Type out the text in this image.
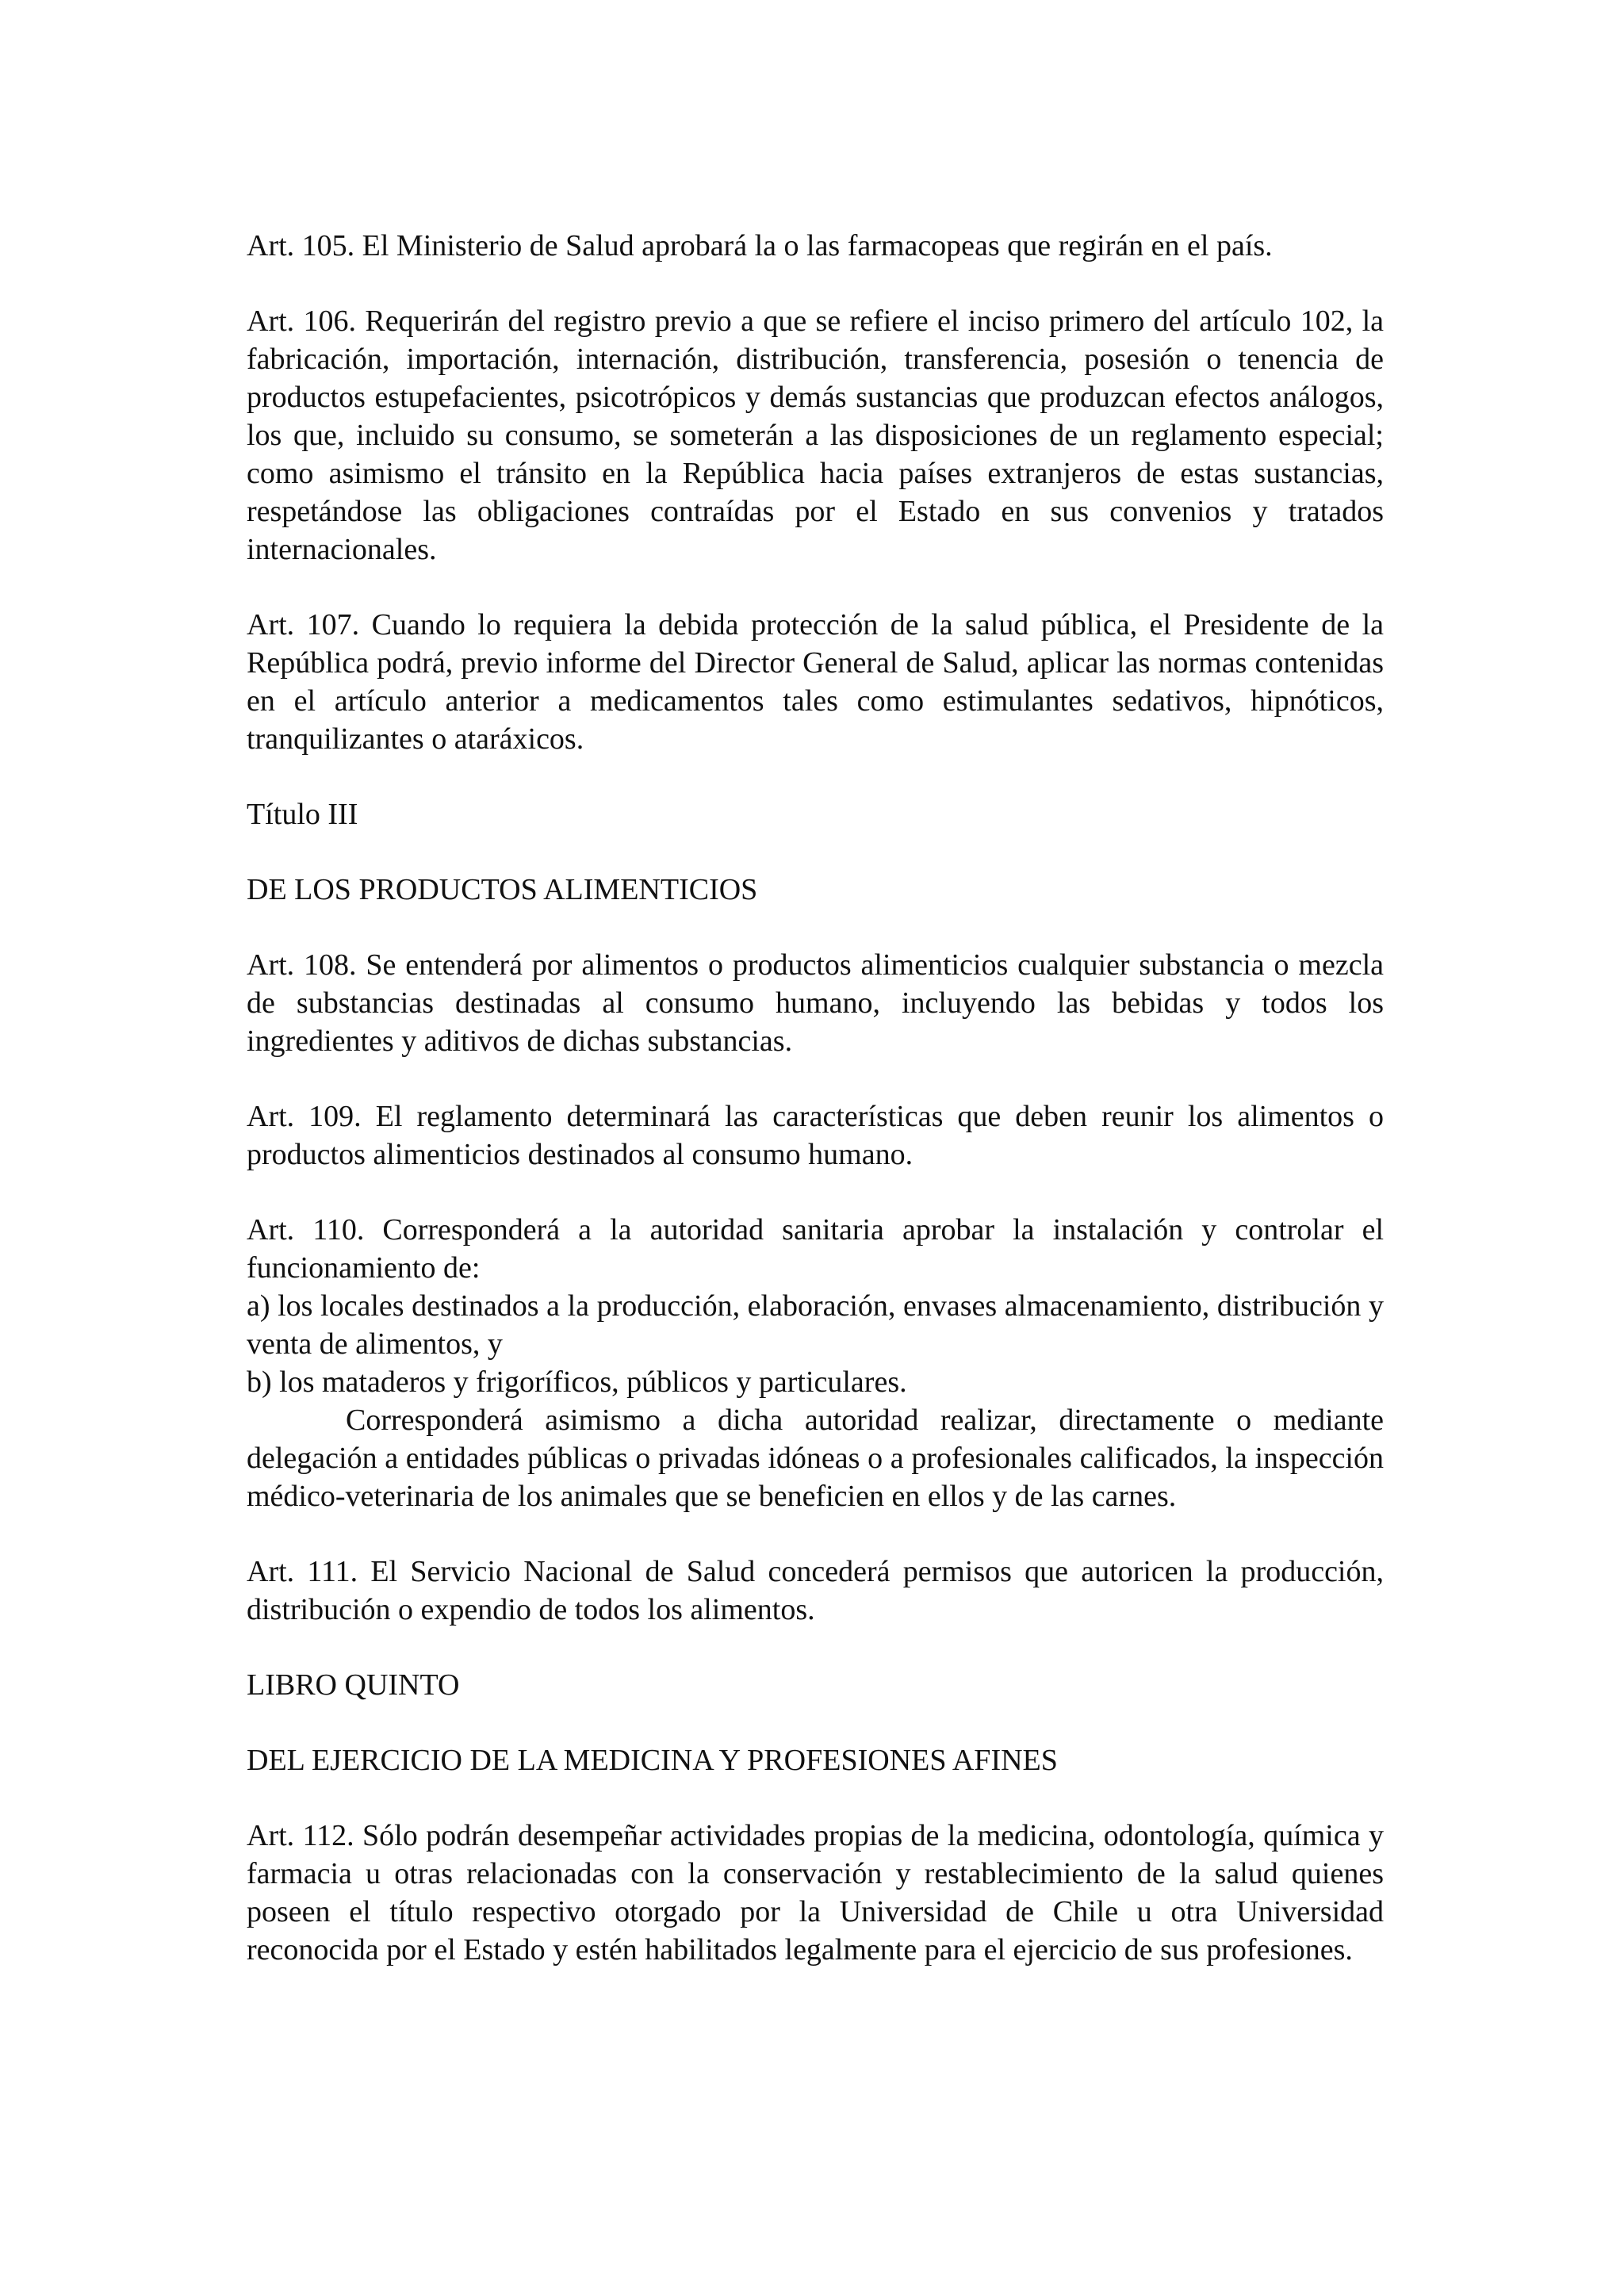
Art. 105. El Ministerio de Salud aprobará la o las farmacopeas que regirán en el país.

Art. 106. Requerirán del registro previo a que se refiere el inciso primero del artículo 102, la fabricación, importación, internación, distribución, transferencia, posesión o tenencia de productos estupefacientes, psicotrópicos y demás sustancias que produzcan efectos análogos, los que, incluido su consumo, se someterán a las disposiciones de un reglamento especial; como asimismo el tránsito en la República hacia países extranjeros de estas sustancias, respetándose las obligaciones contraídas por el Estado en sus convenios y tratados internacionales.

Art. 107. Cuando lo requiera la debida protección de la salud pública, el Presidente de la República podrá, previo informe del Director General de Salud, aplicar las normas contenidas en el artículo anterior a medicamentos tales como estimulantes sedativos, hipnóticos, tranquilizantes o ataráxicos.

Título III

DE LOS PRODUCTOS ALIMENTICIOS

Art. 108. Se entenderá por alimentos o productos alimenticios cualquier substancia o mezcla de substancias destinadas al consumo humano, incluyendo las bebidas y todos los ingredientes y aditivos de dichas substancias.

Art. 109. El reglamento determinará las características que deben reunir los alimentos o productos alimenticios destinados al consumo humano.

Art. 110. Corresponderá a la autoridad sanitaria aprobar la instalación y controlar el funcionamiento de:

a) los locales destinados a la producción, elaboración, envases almacenamiento, distribución y venta de alimentos, y

b) los mataderos y frigoríficos, públicos y particulares.

Corresponderá asimismo a dicha autoridad realizar, directamente o mediante delegación a entidades públicas o privadas idóneas o a profesionales calificados, la inspección médico-veterinaria de los animales que se beneficien en ellos y de las carnes.

Art. 111. El Servicio Nacional de Salud concederá permisos que autoricen la producción, distribución o expendio de todos los alimentos.

LIBRO QUINTO

DEL EJERCICIO DE LA MEDICINA Y PROFESIONES AFINES

Art. 112. Sólo podrán desempeñar actividades propias de la medicina, odontología, química y farmacia u otras relacionadas con la conservación y restablecimiento de la salud quienes poseen el título respectivo otorgado por la Universidad de Chile u otra Universidad reconocida por el Estado y estén habilitados legalmente para el ejercicio de sus profesiones.
